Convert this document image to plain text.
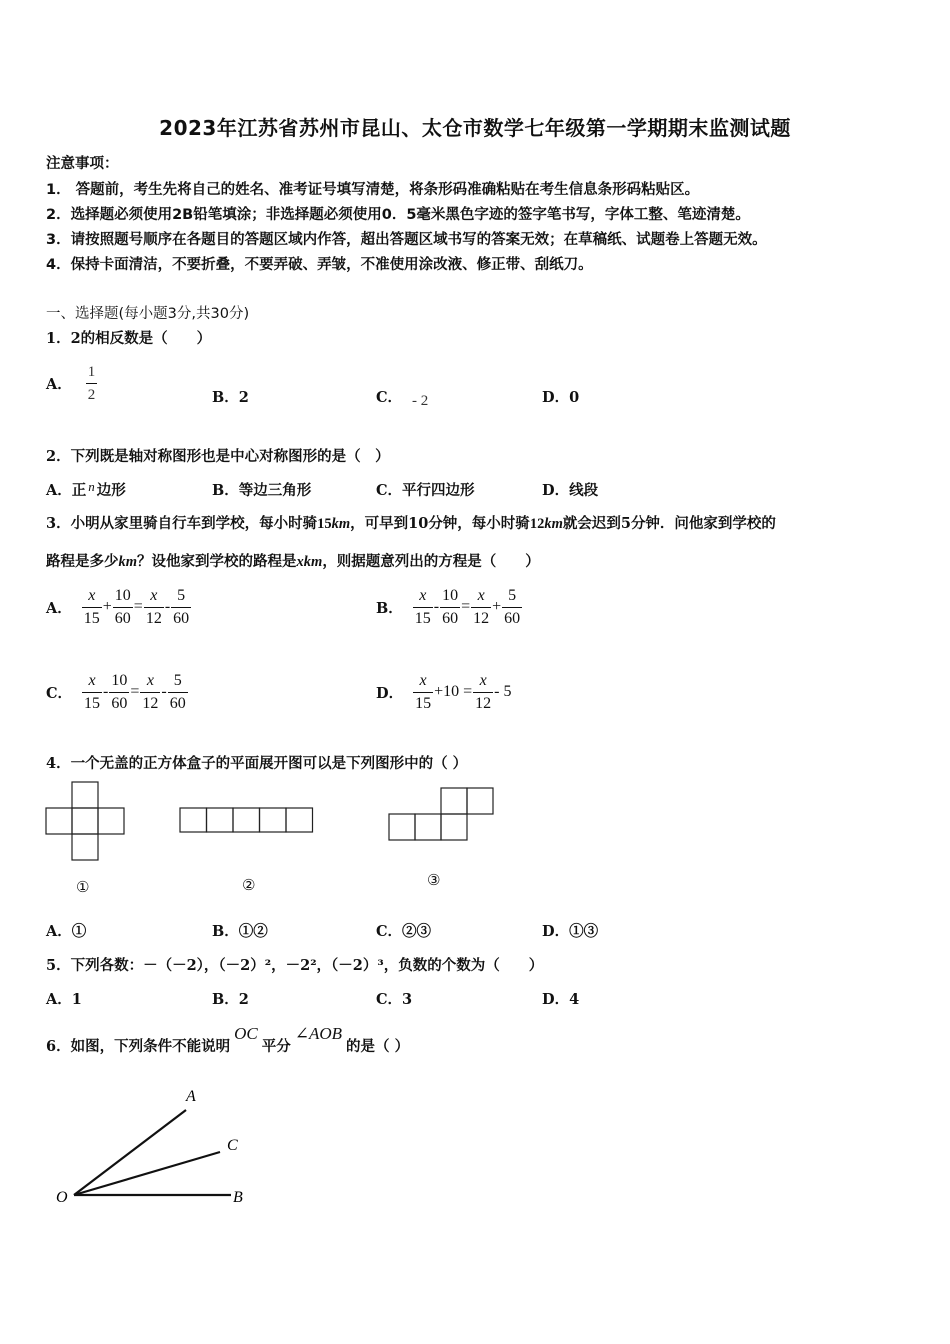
2023年江苏省苏州市昆山、太仓市数学七年级第一学期期末监测试题
注意事项：
1． 答题前，考生先将自己的姓名、准考证号填写清楚，将条形码准确粘贴在考生信息条形码粘贴区。
2．选择题必须使用2B铅笔填涂；非选择题必须使用0．5毫米黑色字迹的签字笔书写，字体工整、笔迹清楚。
3．请按照题号顺序在各题目的答题区域内作答，超出答题区域书写的答案无效；在草稿纸、试题卷上答题无效。
4．保持卡面清洁，不要折叠，不要弄破、弄皱，不准使用涂改液、修正带、刮纸刀。
一、选择题(每小题3分,共30分)
1．2的相反数是（　　）
A． $\frac{1}{2}$	B．2	C． - 2	D．0
2．下列既是轴对称图形也是中心对称图形的是（　）
A．正 n 边形	B．等边三角形	C．平行四边形	D．线段
3．小明从家里骑自行车到学校，每小时骑15km，可早到10分钟，每小时骑12km就会迟到5分钟．问他家到学校的
路程是多少km？设他家到学校的路程是xkm，则据题意列出的方程是（　　）
A． $\frac{x}{15} + \frac{10}{60} = \frac{x}{12} - \frac{5}{60}$	B． $\frac{x}{15} - \frac{10}{60} = \frac{x}{12} + \frac{5}{60}$
C． $\frac{x}{15} - \frac{10}{60} = \frac{x}{12} - \frac{5}{60}$	D． $\frac{x}{15} +10 = \frac{x}{12} - 5$
4．一个无盖的正方体盒子的平面展开图可以是下列图形中的（ ）
①	②	③
A．①	B．①②	C．②③	D．①③
5．下列各数：－（－2），（－2）²，－2²，（－2）³，负数的个数为（　　）
A．1	B．2	C．3	D．4
6．如图，下列条件不能说明OC平分∠AOB的是（ ）
A
C
O	B
